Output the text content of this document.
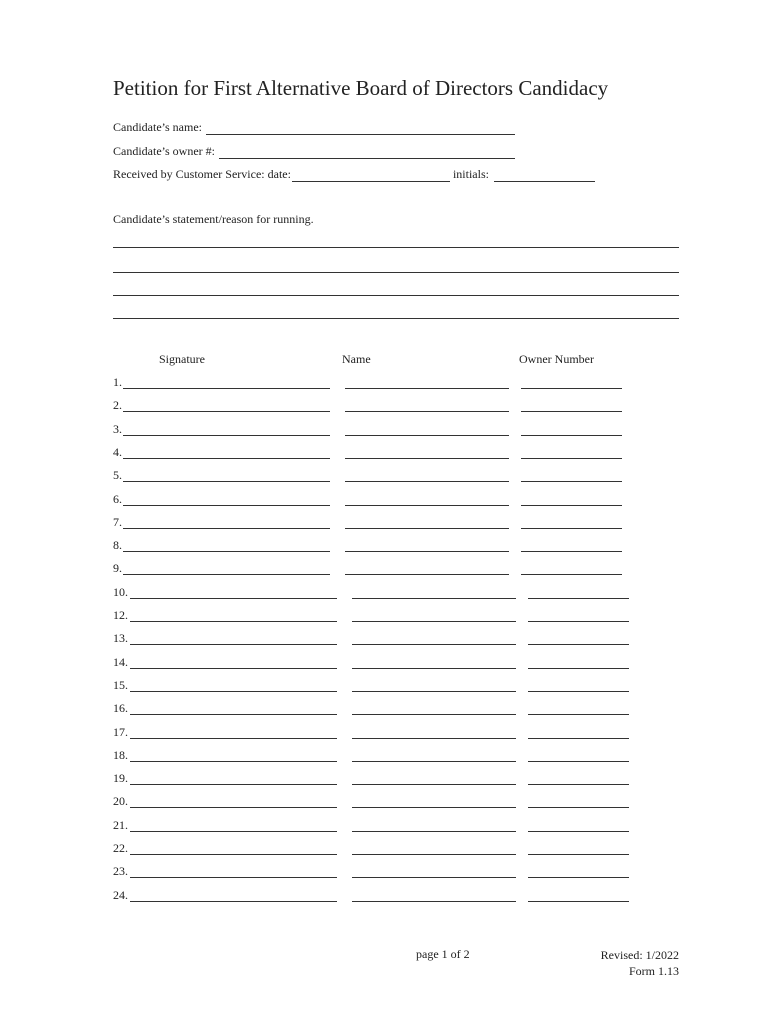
Petition for First Alternative Board of Directors Candidacy
Candidate’s name:
Candidate’s owner #:
Received by Customer Service: date:	initials:
Candidate’s statement/reason for running.
Signature	Name	Owner Number
1.
2.
3.
4.
5.
6.
7.
8.
9.
10.
12.
13.
14.
15.
16.
17.
18.
19.
20.
21.
22.
23.
24.
page 1 of 2	Revised: 1/2022
Form 1.13
